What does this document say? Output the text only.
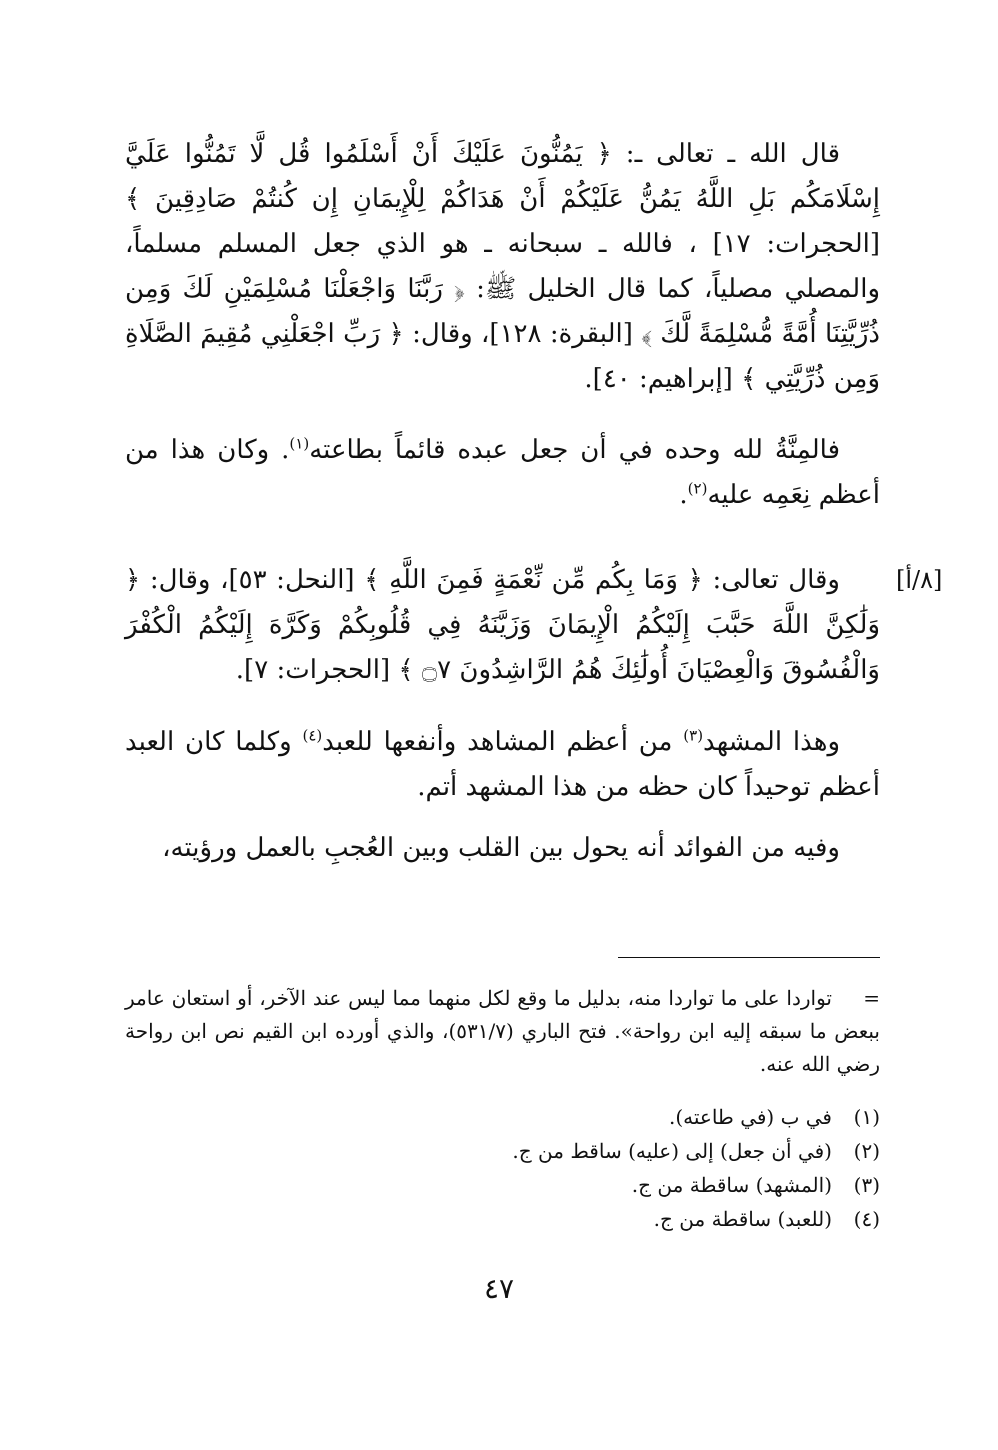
قال الله ـ تعالى ـ: ﴿ يَمُنُّونَ عَلَيْكَ أَنْ أَسْلَمُوا قُل لَّا تَمُنُّوا عَلَيَّ إِسْلَامَكُم بَلِ اللَّهُ يَمُنُّ عَلَيْكُمْ أَنْ هَدَاكُمْ لِلْإِيمَانِ إِن كُنتُمْ صَادِقِينَ ﴾ [الحجرات: ١٧] ، فالله ـ سبحانه ـ هو الذي جعل المسلم مسلماً، والمصلي مصلياً، كما قال الخليل ﷺ: ﴿ رَبَّنَا وَاجْعَلْنَا مُسْلِمَيْنِ لَكَ وَمِن ذُرِّيَّتِنَا أُمَّةً مُّسْلِمَةً لَّكَ ﴾ [البقرة: ١٢٨]، وقال: ﴿ رَبِّ اجْعَلْنِي مُقِيمَ الصَّلَاةِ وَمِن ذُرِّيَّتِي ﴾ [إبراهيم: ٤٠].

فالمِنَّةُ لله وحده في أن جعل عبده قائماً بطاعته$^{(١)}$. وكان هذا من أعظم نِعَمِه عليه$^{(٢)}$.

[٨/أ]

وقال تعالى: ﴿ وَمَا بِكُم مِّن نِّعْمَةٍ فَمِنَ اللَّهِ ﴾ [النحل: ٥٣]، وقال: ﴿ وَلَٰكِنَّ اللَّهَ حَبَّبَ إِلَيْكُمُ الْإِيمَانَ وَزَيَّنَهُ فِي قُلُوبِكُمْ وَكَرَّهَ إِلَيْكُمُ الْكُفْرَ وَالْفُسُوقَ وَالْعِصْيَانَ أُولَٰئِكَ هُمُ الرَّاشِدُونَ ۝٧ ﴾ [الحجرات: ٧].

وهذا المشهد$^{(٣)}$ من أعظم المشاهد وأنفعها للعبد$^{(٤)}$ وكلما كان العبد أعظم توحيداً كان حظه من هذا المشهد أتم.

وفيه من الفوائد أنه يحول بين القلب وبين العُجبِ بالعمل ورؤيته،

=تواردا على ما تواردا منه، بدليل ما وقع لكل منهما مما ليس عند الآخر، أو استعان عامر ببعض ما سبقه إليه ابن رواحة». فتح الباري (٥٣١/٧)، والذي أورده ابن القيم نص ابن رواحة رضي الله عنه.
(١)في ب (في طاعته).
(٢)(في أن جعل) إلى (عليه) ساقط من ج.
(٣)(المشهد) ساقطة من ج.
(٤)(للعبد) ساقطة من ج.
٤٧
